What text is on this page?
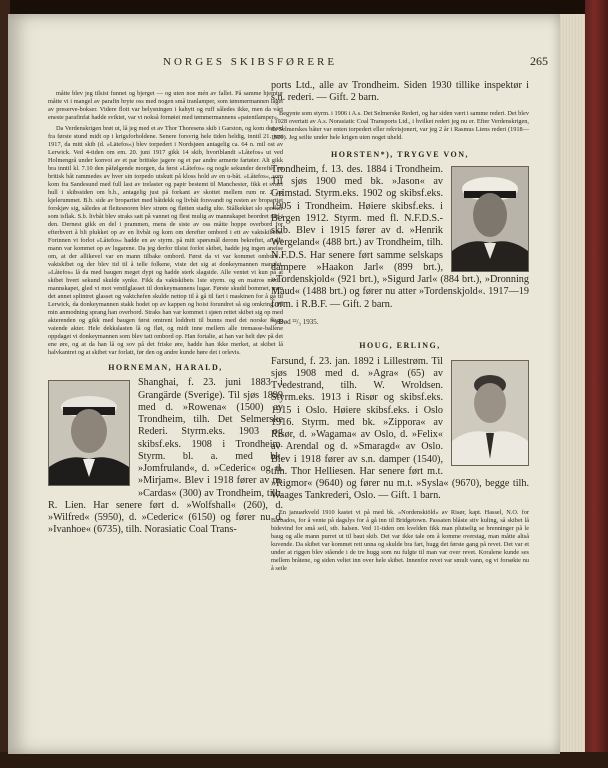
NORGES SKIBSFØRERE	265

måtte blev jeg tilsist funnet og bjerget — og uten noe mén av fallet. På samme hjemtur måtte vi i mangel av parafin bryte oss med nogen små tranlamper, som tømmermannen laget av preserve-bokser. Videre flott var belysningen i kahytt og ruff således ikke, men da vårt eneste parafinfat hadde sviktet, var vi nokså fornøiet med tømmermannens »patentlamper«.

Da Verdenskrigen brøt ut, lå jeg med et av Thor Thoresens skib i Garston, og kom derved fra første stund midt op i krigsforholdene. Senere forsvrig hele tiden heldig, inntil 21. juni 1917, da mitt skib (d. »Lätefos«) blev torpedert i Nordsjøen antagelig ca. 64 n. mil ost av Lerwick. Ved 4-tiden om em. 20. juni 1917 gikk 14 skib, hvoriblandt »Låtefos« ut ved Holmengrå under konvoi av et par britiske jagere og et par andre armerte fartøier. Alt gikk bra inntil kl. 7.10 den påfølgende morgen, da først »Låtefos« og nogle sekunder derefter en britisk båt rammedes av hver sin torpedo utskutt på kloss hold av en u-båt. »Låtefos«, som kom fra Sandesund med full last av trelaster og papir bestemt til Manchester, fikk et svært hull i skibssiden om b.b., antagelig just på forkant av skottet mellem rum nr. 2 og kjelerummet. B.b. side av bropartiet med båtdekk og livbåt forsvandt og resten av bropartiet forskjøv sig, således at fleitesnoren blev strøm og fløiten stadig ulte. Stålkekket slo spreker som isflak. S.b. livbåt blev straks satt på vannet og flest mulig av mannskapet beordret ned i den. Dernest gikk en del i prammen, mens de siste av oss måtte hoppe overbord for efterhvert å bli plukket op av en livbåt og kom om derefter ombord i ett av vaktskibene. Forinnen vi forlot »Låtefos« hadde en av styrm. på mitt spørsmål derom bekreftet, at alle mann var kommet op av lugarene. Da jeg derfor tilsist forlot skibet, hadde jeg ingen anelse om, at der allikevel var en mann tilbake ombord. Først da vi var kommet ombord i vaktskibet og der blev tid til å telle folkene, viste det sig at donkeymannen manglet. »Låtefos« lå da med baugen meget dypt og hadde sterk slagside. Alle ventet vi kun på at skibet hvert sekund skulde synke. Fikk da vaktskibets 1ste styrm. og en matros med i mannskapet, gled vi mot ventilglasset til donkeymannens lugar. Første skudd bommet, men det annet splintret glasset og vaktchefen skulde nettop til å gå til fart i maskinen for å gå til Lerwick, da donkeymannen stakk hodet op av kappen og hoist forundret så sig omkring. På min anmodning sprang han overbord. Straks han var kommet i sjøen rettet skibet sig op med akterenden og gikk med baugen først omtrent loddrett til bunns med det norske flagg vaiende akter. Hele dekkslasten lå og fløt, og midt inne mellem alle tremasse-ballene oppdaget vi donkeymannen som blev tatt ombord op. Han fortalte, at han var helt døv på det ene øre, og at da han lå og sov på det friske øre, hadde han ikke merket, at skibet lå halvkantret og at skibet var forlatt, før den og andre kunde høre det i orlevis.

HORNEMAN, HARALD,

Shanghai, f. 23. juni 1883 i Grangärde (Sverige). Til sjøs 1899 med d. »Rowena« (1500) av Trondheim, tilh. Det Selmerske Rederi. Styrm.eks. 1903 og skibsf.eks. 1908 i Trondheim. Styrm. bl. a. med bk. »Jomfruland«, d. »Cederic« og d. »Mirjam«. Blev i 1918 fører av m. »Cardas« (300) av Trondheim, tilh. R. Lien. Har senere ført d. »Wolfshall« (260), d. »Wilfred« (5950), d. »Cederic« (6150) og fører nu d. »Ivanhoe« (6735), tilh. Norasiatic Coal Trans-

ports Ltd., alle av Trondheim. Siden 1930 tillike inspektør i s.n. rederi. — Gift. 2 barn.
Begynte som styrm. i 1906 i A.s. Det Selmerske Rederi, og har siden vært i samme rederi. Det blev i 1928 overtatt av A.s. Norasiatic Coal Transports Ltd., i hvilket rederi jeg nu er. Efter Verdenskrigen, da Selmerskes båter var enten torpedert eller rekvisjonert, var jeg 2 år i Rasmus Liens rederi (1918—1920). Jeg seilte under hele krigen uten noget uheld.
HORSTEN*), TRYGVE VON,

Trondheim, f. 13. des. 1884 i Trondheim. Til sjøs 1900 med bk. »Jason« av Grimstad. Styrm.eks. 1902 og skibsf.eks. 1905 i Trondheim. Høiere skibsf.eks. i Bergen 1912. Styrm. med fl. N.F.D.S.-skib. Blev i 1915 fører av d. »Henrik Wergeland« (488 brt.) av Trondheim, tilh. N.F.D.S. Har senere ført samme selskaps dampere »Haakon Jarl« (899 brt.), »Tordenskjold« (921 brt.), »Sigurd Jarl« (884 brt.), »Dronning Maud« (1488 brt.) og fører nu atter »Tordenskjold«. 1917—19 form. i R.B.F. — Gift. 2 barn.

*) Død ²²/₃ 1935.
HOUG, ERLING,

Farsund, f. 23. jan. 1892 i Lillestrøm. Til sjøs 1908 med d. »Agra« (65) av Tvedestrand, tilh. W. Wroldsen. Styrm.eks. 1913 i Risør og skibsf.eks. 1915 i Oslo. Høiere skibsf.eks. i Oslo 1916. Styrm. med bk. »Zippora« av Risør, d. »Wagama« av Oslo, d. »Felix« av Arendal og d. »Smaragd« av Oslo. Blev i 1918 fører av s.n. damper (1540), tilh. Thor Helliesen. Har senere ført m.t. »Rigmor« (9640) og fører nu m.t. »Sysla« (9670), begge tilh. Waages Tankrederi, Oslo. — Gift. 1 barn.

En januarkveld 1910 kastet vi på med bk. »Nordenskiöld« av Risør, kapt. Hassel, N.O. for Barbados, for å vente på dagslys for å gå inn til Bridgetown. Passaten blåste stiv kuling, så skibet lå bidevind for små seil, stb. halsen. Ved 11-tiden om kvelden fikk man plutselig se brenninger på le baug og alle mann purret ut til baut skib. Det var ikke tale om å komme overstag, man måtte altså kuvende. Da skibet var kommet rett unna og skulde bra fart, hugg det første gang på revet. Det var et under at riggen blev stående i de tre hugg som nu fulgte til man var over revet. Koralene kunde ses mellem bråtene, og siden veltet inn over hele skibet. Innenfor revet var smult vann, og vi forsøkte nu å seile
